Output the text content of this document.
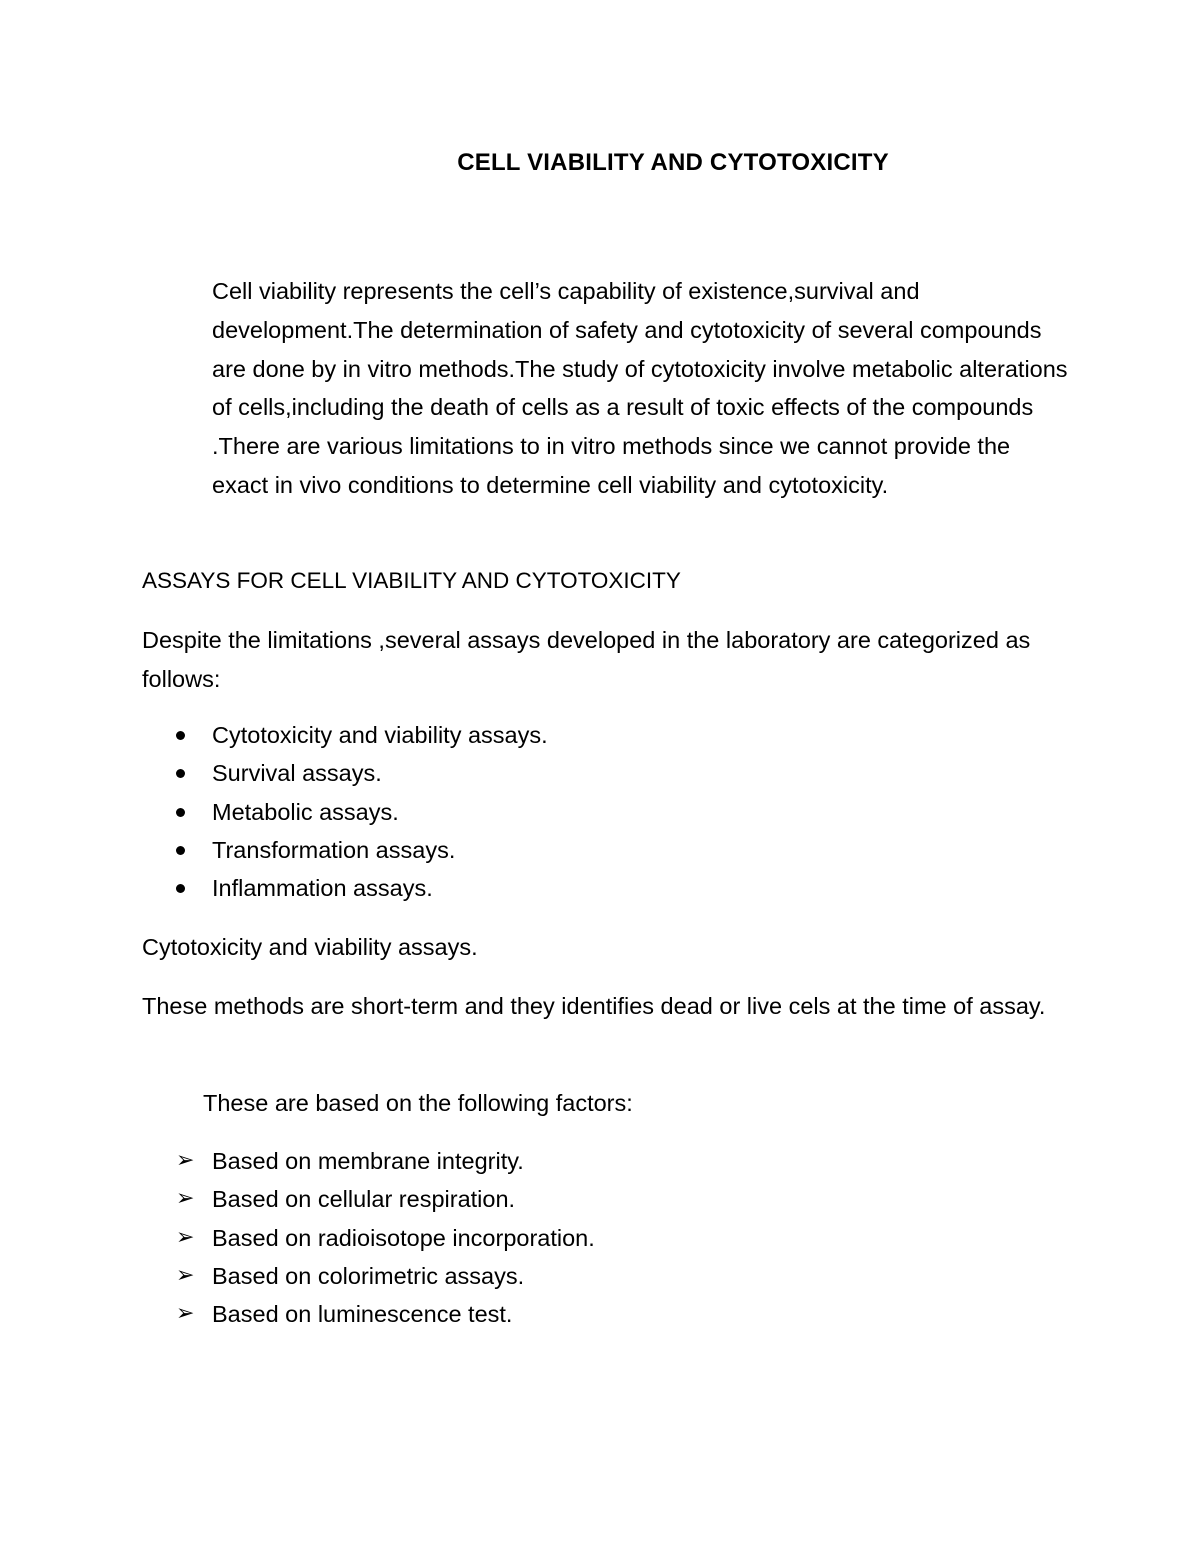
CELL VIABILITY AND CYTOTOXICITY

Cell viability represents the cell’s capability of existence,survival and development.The determination of safety and cytotoxicity of several compounds are done by in vitro methods.The study of cytotoxicity involve metabolic alterations of cells,including the death of cells as a result of toxic effects of the compounds .There are various limitations to in vitro methods since we cannot provide the exact in vivo conditions to determine cell viability and cytotoxicity.

ASSAYS FOR CELL VIABILITY AND CYTOTOXICITY

Despite the limitations ,several assays developed in the laboratory are categorized as follows:

Cytotoxicity and viability assays.
Survival assays.
Metabolic assays.
Transformation assays.
Inflammation assays.

Cytotoxicity and viability assays.

These methods are short-term and they identifies dead or live cels at the time of assay.

These are based on the following factors:

➢ Based on membrane integrity.
➢ Based on cellular respiration.
➢ Based on radioisotope incorporation.
➢ Based on colorimetric assays.
➢ Based on luminescence test.
